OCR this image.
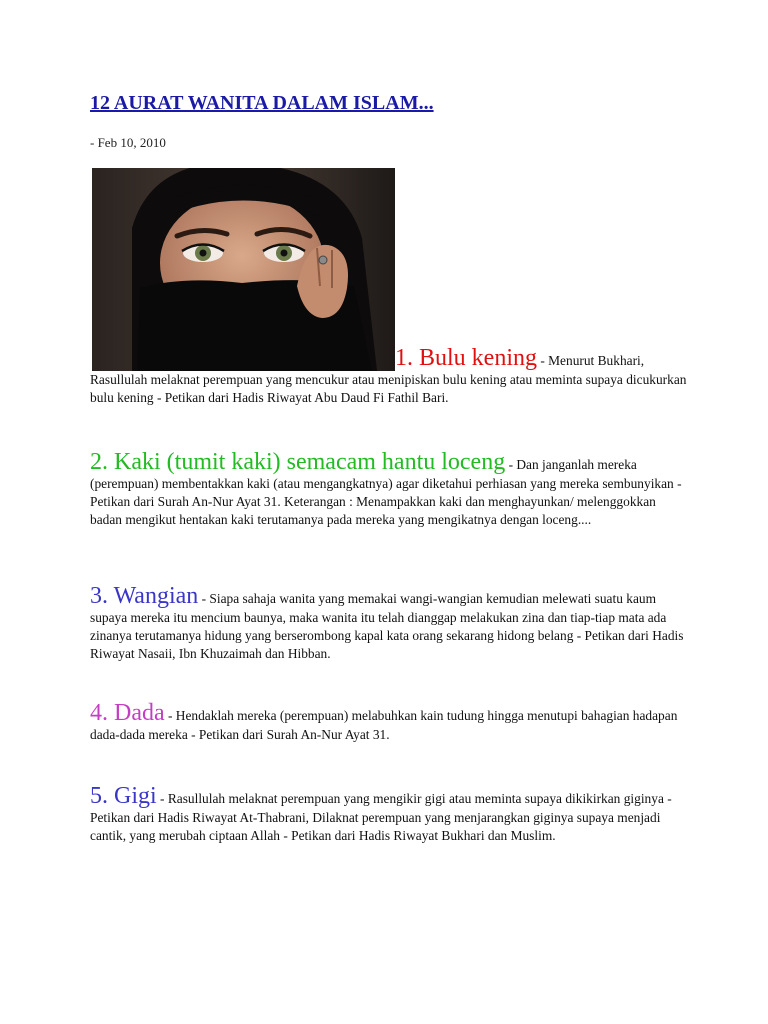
12 AURAT WANITA DALAM ISLAM...
- Feb 10, 2010

1. Bulu kening - Menurut Bukhari, Rasullulah melaknat perempuan yang mencukur atau menipiskan bulu kening atau meminta supaya dicukurkan bulu kening - Petikan dari Hadis Riwayat Abu Daud Fi Fathil Bari.

2. Kaki (tumit kaki) semacam hantu loceng - Dan janganlah mereka (perempuan) membentakkan kaki (atau mengangkatnya) agar diketahui perhiasan yang mereka sembunyikan - Petikan dari Surah An-Nur Ayat 31. Keterangan : Menampakkan kaki dan menghayunkan/ melenggokkan badan mengikut hentakan kaki terutamanya pada mereka yang mengikatnya dengan loceng....

3. Wangian - Siapa sahaja wanita yang memakai wangi-wangian kemudian melewati suatu kaum supaya mereka itu mencium baunya, maka wanita itu telah dianggap melakukan zina dan tiap-tiap mata ada zinanya terutamanya hidung yang berserombong kapal kata orang sekarang hidong belang - Petikan dari Hadis Riwayat Nasaii, Ibn Khuzaimah dan Hibban.

4. Dada - Hendaklah mereka (perempuan) melabuhkan kain tudung hingga menutupi bahagian hadapan dada-dada mereka - Petikan dari Surah An-Nur Ayat 31.

5. Gigi - Rasullulah melaknat perempuan yang mengikir gigi atau meminta supaya dikikirkan giginya - Petikan dari Hadis Riwayat At-Thabrani, Dilaknat perempuan yang menjarangkan giginya supaya menjadi cantik, yang merubah ciptaan Allah - Petikan dari Hadis Riwayat Bukhari dan Muslim.
